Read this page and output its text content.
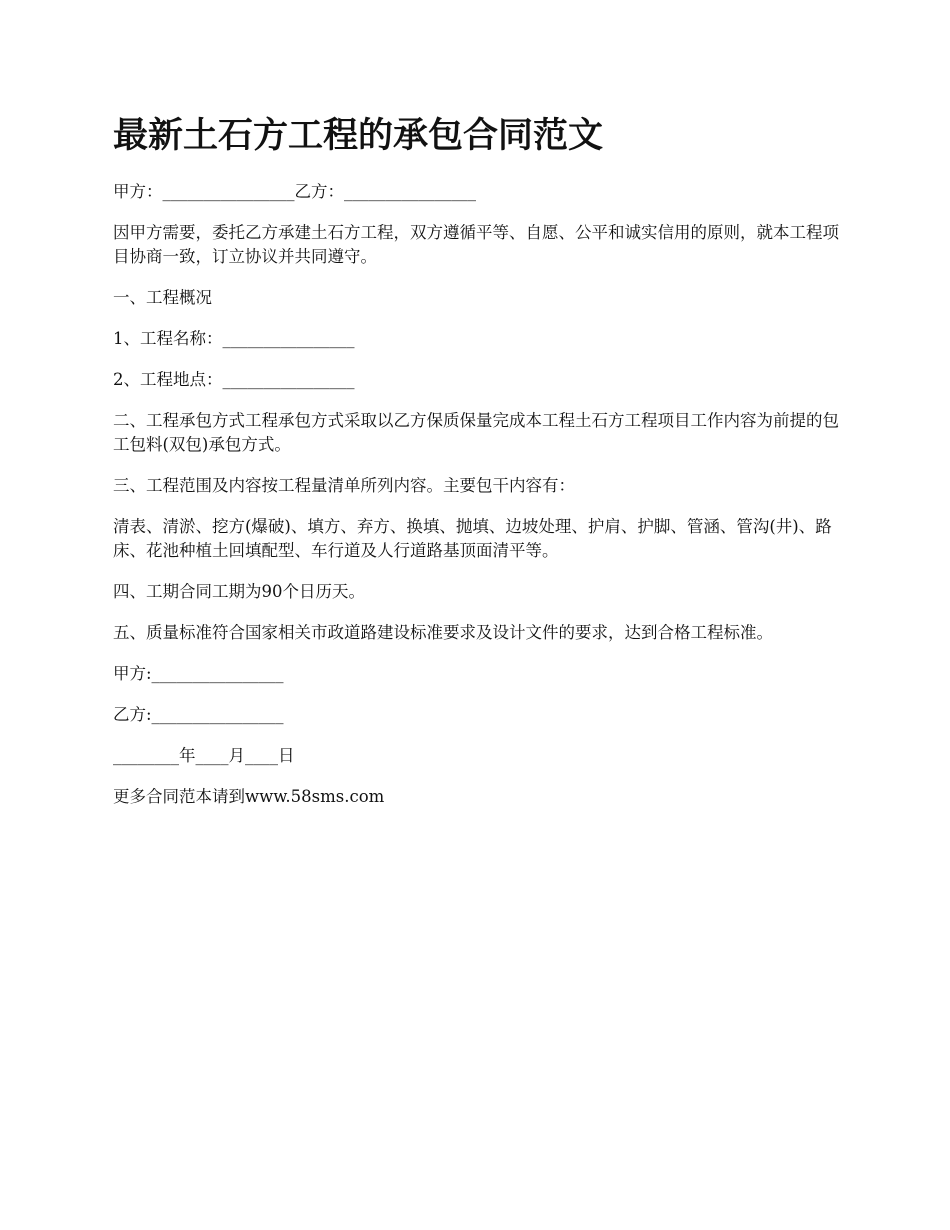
最新土石方工程的承包合同范文

甲方：________________乙方：________________

因甲方需要，委托乙方承建土石方工程，双方遵循平等、自愿、公平和诚实信用的原则，就本工程项目协商一致，订立协议并共同遵守。

一、工程概况

1、工程名称：________________

2、工程地点：________________

二、工程承包方式工程承包方式采取以乙方保质保量完成本工程土石方工程项目工作内容为前提的包工包料(双包)承包方式。

三、工程范围及内容按工程量清单所列内容。主要包干内容有：

清表、清淤、挖方(爆破)、填方、弃方、换填、抛填、边坡处理、护肩、护脚、管涵、管沟(井)、路床、花池种植土回填配型、车行道及人行道路基顶面清平等。

四、工期合同工期为90个日历天。

五、质量标准符合国家相关市政道路建设标准要求及设计文件的要求，达到合格工程标准。

甲方:________________

乙方:________________

________年____月____日

更多合同范本请到www.58sms.com
